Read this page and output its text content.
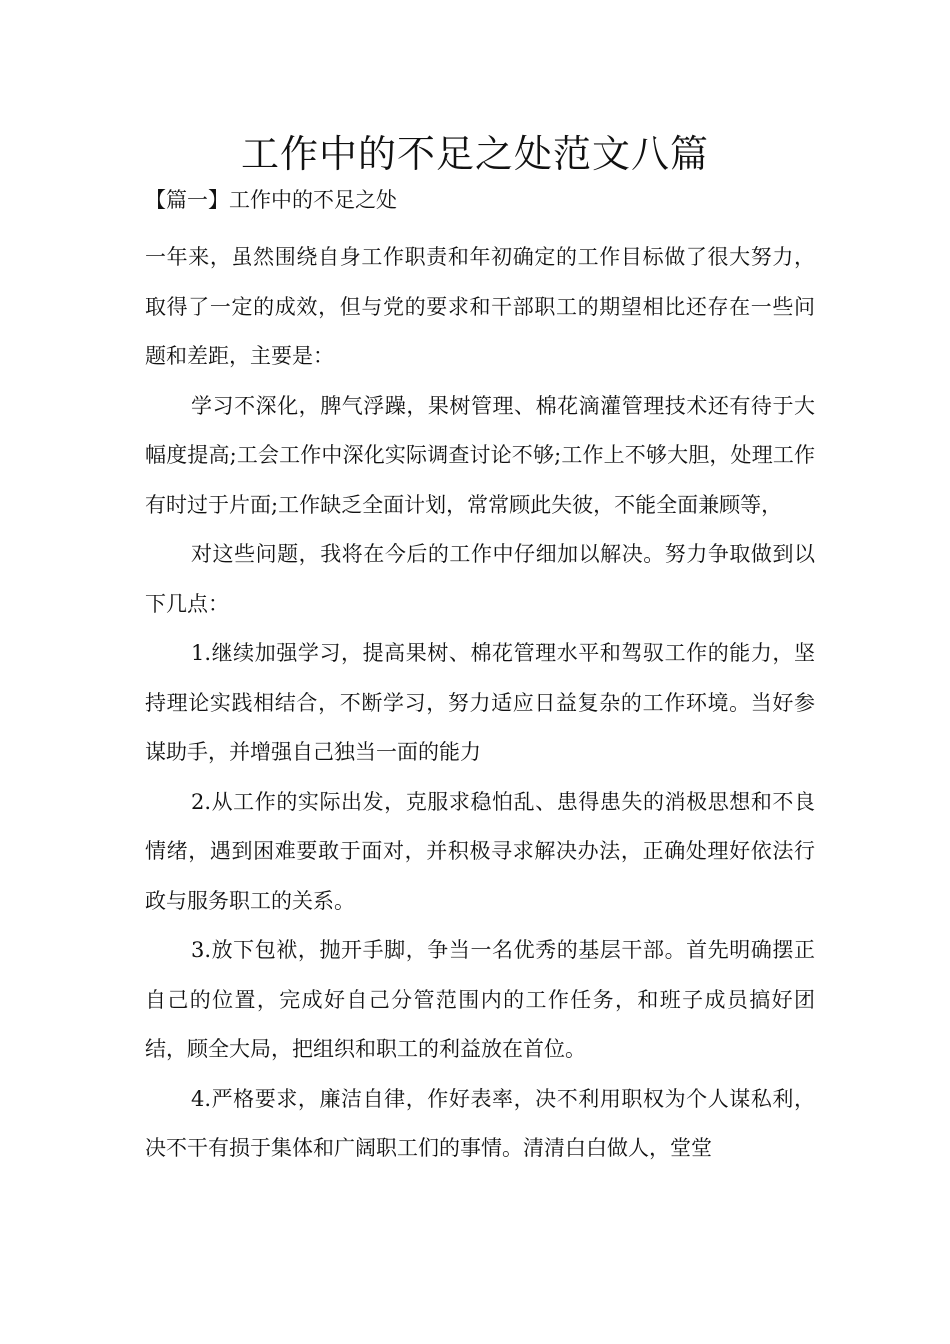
工作中的不足之处范文八篇
【篇一】工作中的不足之处

一年来，虽然围绕自身工作职责和年初确定的工作目标做了很大努力，取得了一定的成效，但与党的要求和干部职工的期望相比还存在一些问题和差距，主要是：

学习不深化，脾气浮躁，果树管理、棉花滴灌管理技术还有待于大幅度提高;工会工作中深化实际调查讨论不够;工作上不够大胆，处理工作有时过于片面;工作缺乏全面计划，常常顾此失彼，不能全面兼顾等，

对这些问题，我将在今后的工作中仔细加以解决。努力争取做到以下几点：

1.继续加强学习，提高果树、棉花管理水平和驾驭工作的能力，坚持理论实践相结合，不断学习，努力适应日益复杂的工作环境。当好参谋助手，并增强自己独当一面的能力

2.从工作的实际出发，克服求稳怕乱、患得患失的消极思想和不良情绪，遇到困难要敢于面对，并积极寻求解决办法，正确处理好依法行政与服务职工的关系。

3.放下包袱，抛开手脚，争当一名优秀的基层干部。首先明确摆正自己的位置，完成好自己分管范围内的工作任务，和班子成员搞好团结，顾全大局，把组织和职工的利益放在首位。

4.严格要求，廉洁自律，作好表率，决不利用职权为个人谋私利，决不干有损于集体和广阔职工们的事情。清清白白做人，堂堂
